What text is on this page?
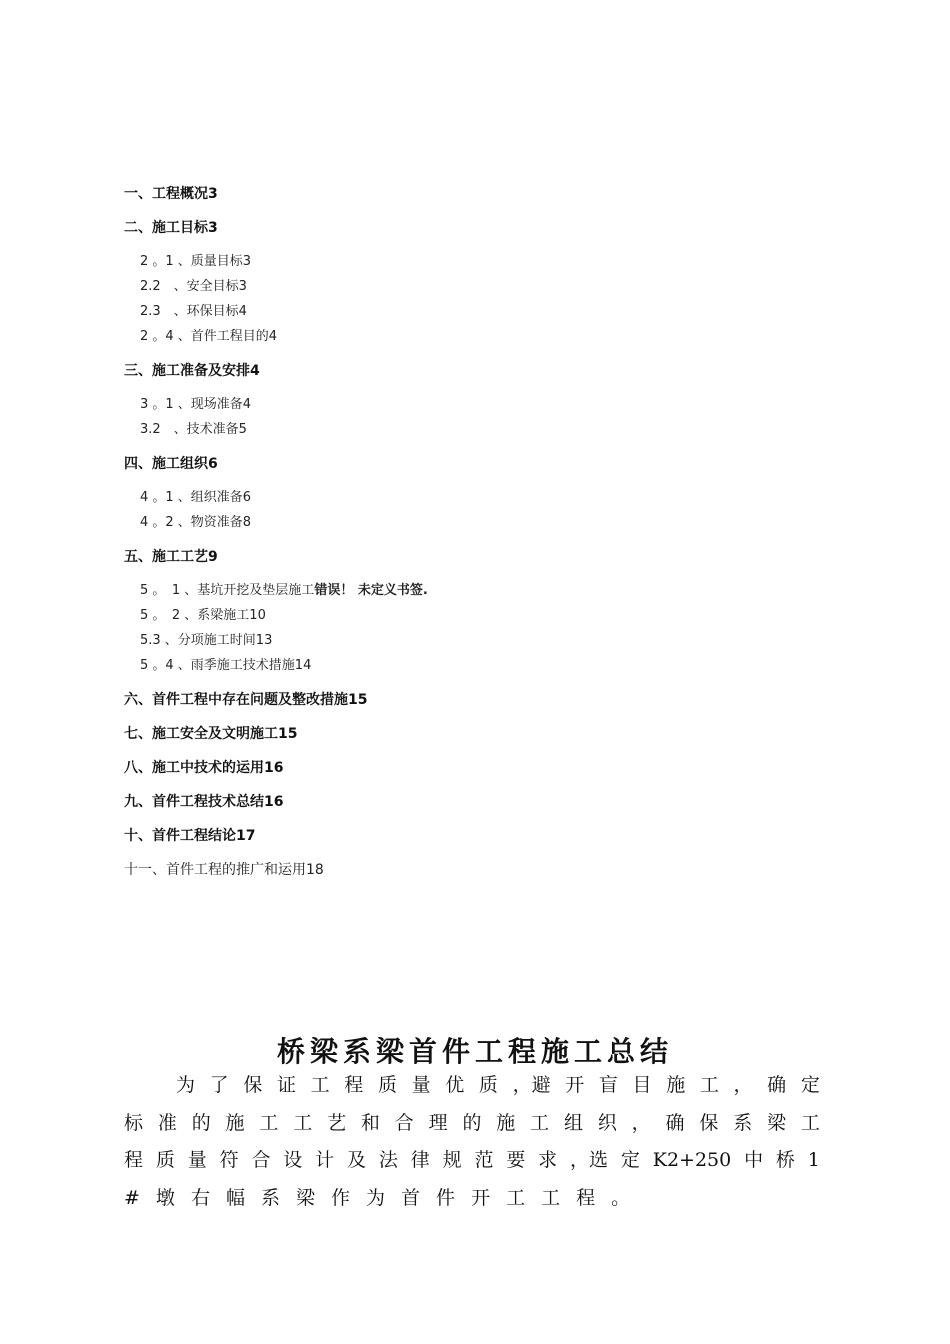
一、工程概况3
二、施工目标3
2 。1 、质量目标3
2.2　、安全目标3
2.3　、环保目标4
2 。4 、首件工程目的4
三、施工准备及安排4
3 。1 、现场准备4
3.2　、技术准备5
四、施工组织6
4 。1 、组织准备6
4 。2 、物资准备8
五、施工工艺9
5 。　1 、基坑开挖及垫层施工错误！ 未定义书签.
5 。　2 、系梁施工10
5.3 、分项施工时间13
5 。4 、雨季施工技术措施14
六、首件工程中存在问题及整改措施15
七、施工安全及文明施工15
八、施工中技术的运用16
九、首件工程技术总结16
十、首件工程结论17
十一、首件工程的推广和运用18
桥梁系梁首件工程施工总结
为 了 保 证 工 程 质 量 优 质 ，避 开 盲 目 施 工 ， 确 定
标 准 的 施 工 工 艺 和 合 理 的 施 工 组 织 ， 确 保 系 梁 工
程 质 量 符 合 设 计 及 法 律 规 范 要 求 ，选 定 K2+250 中 桥 1
# 墩 右 幅 系 梁 作 为 首 件 开 工 工 程 。
